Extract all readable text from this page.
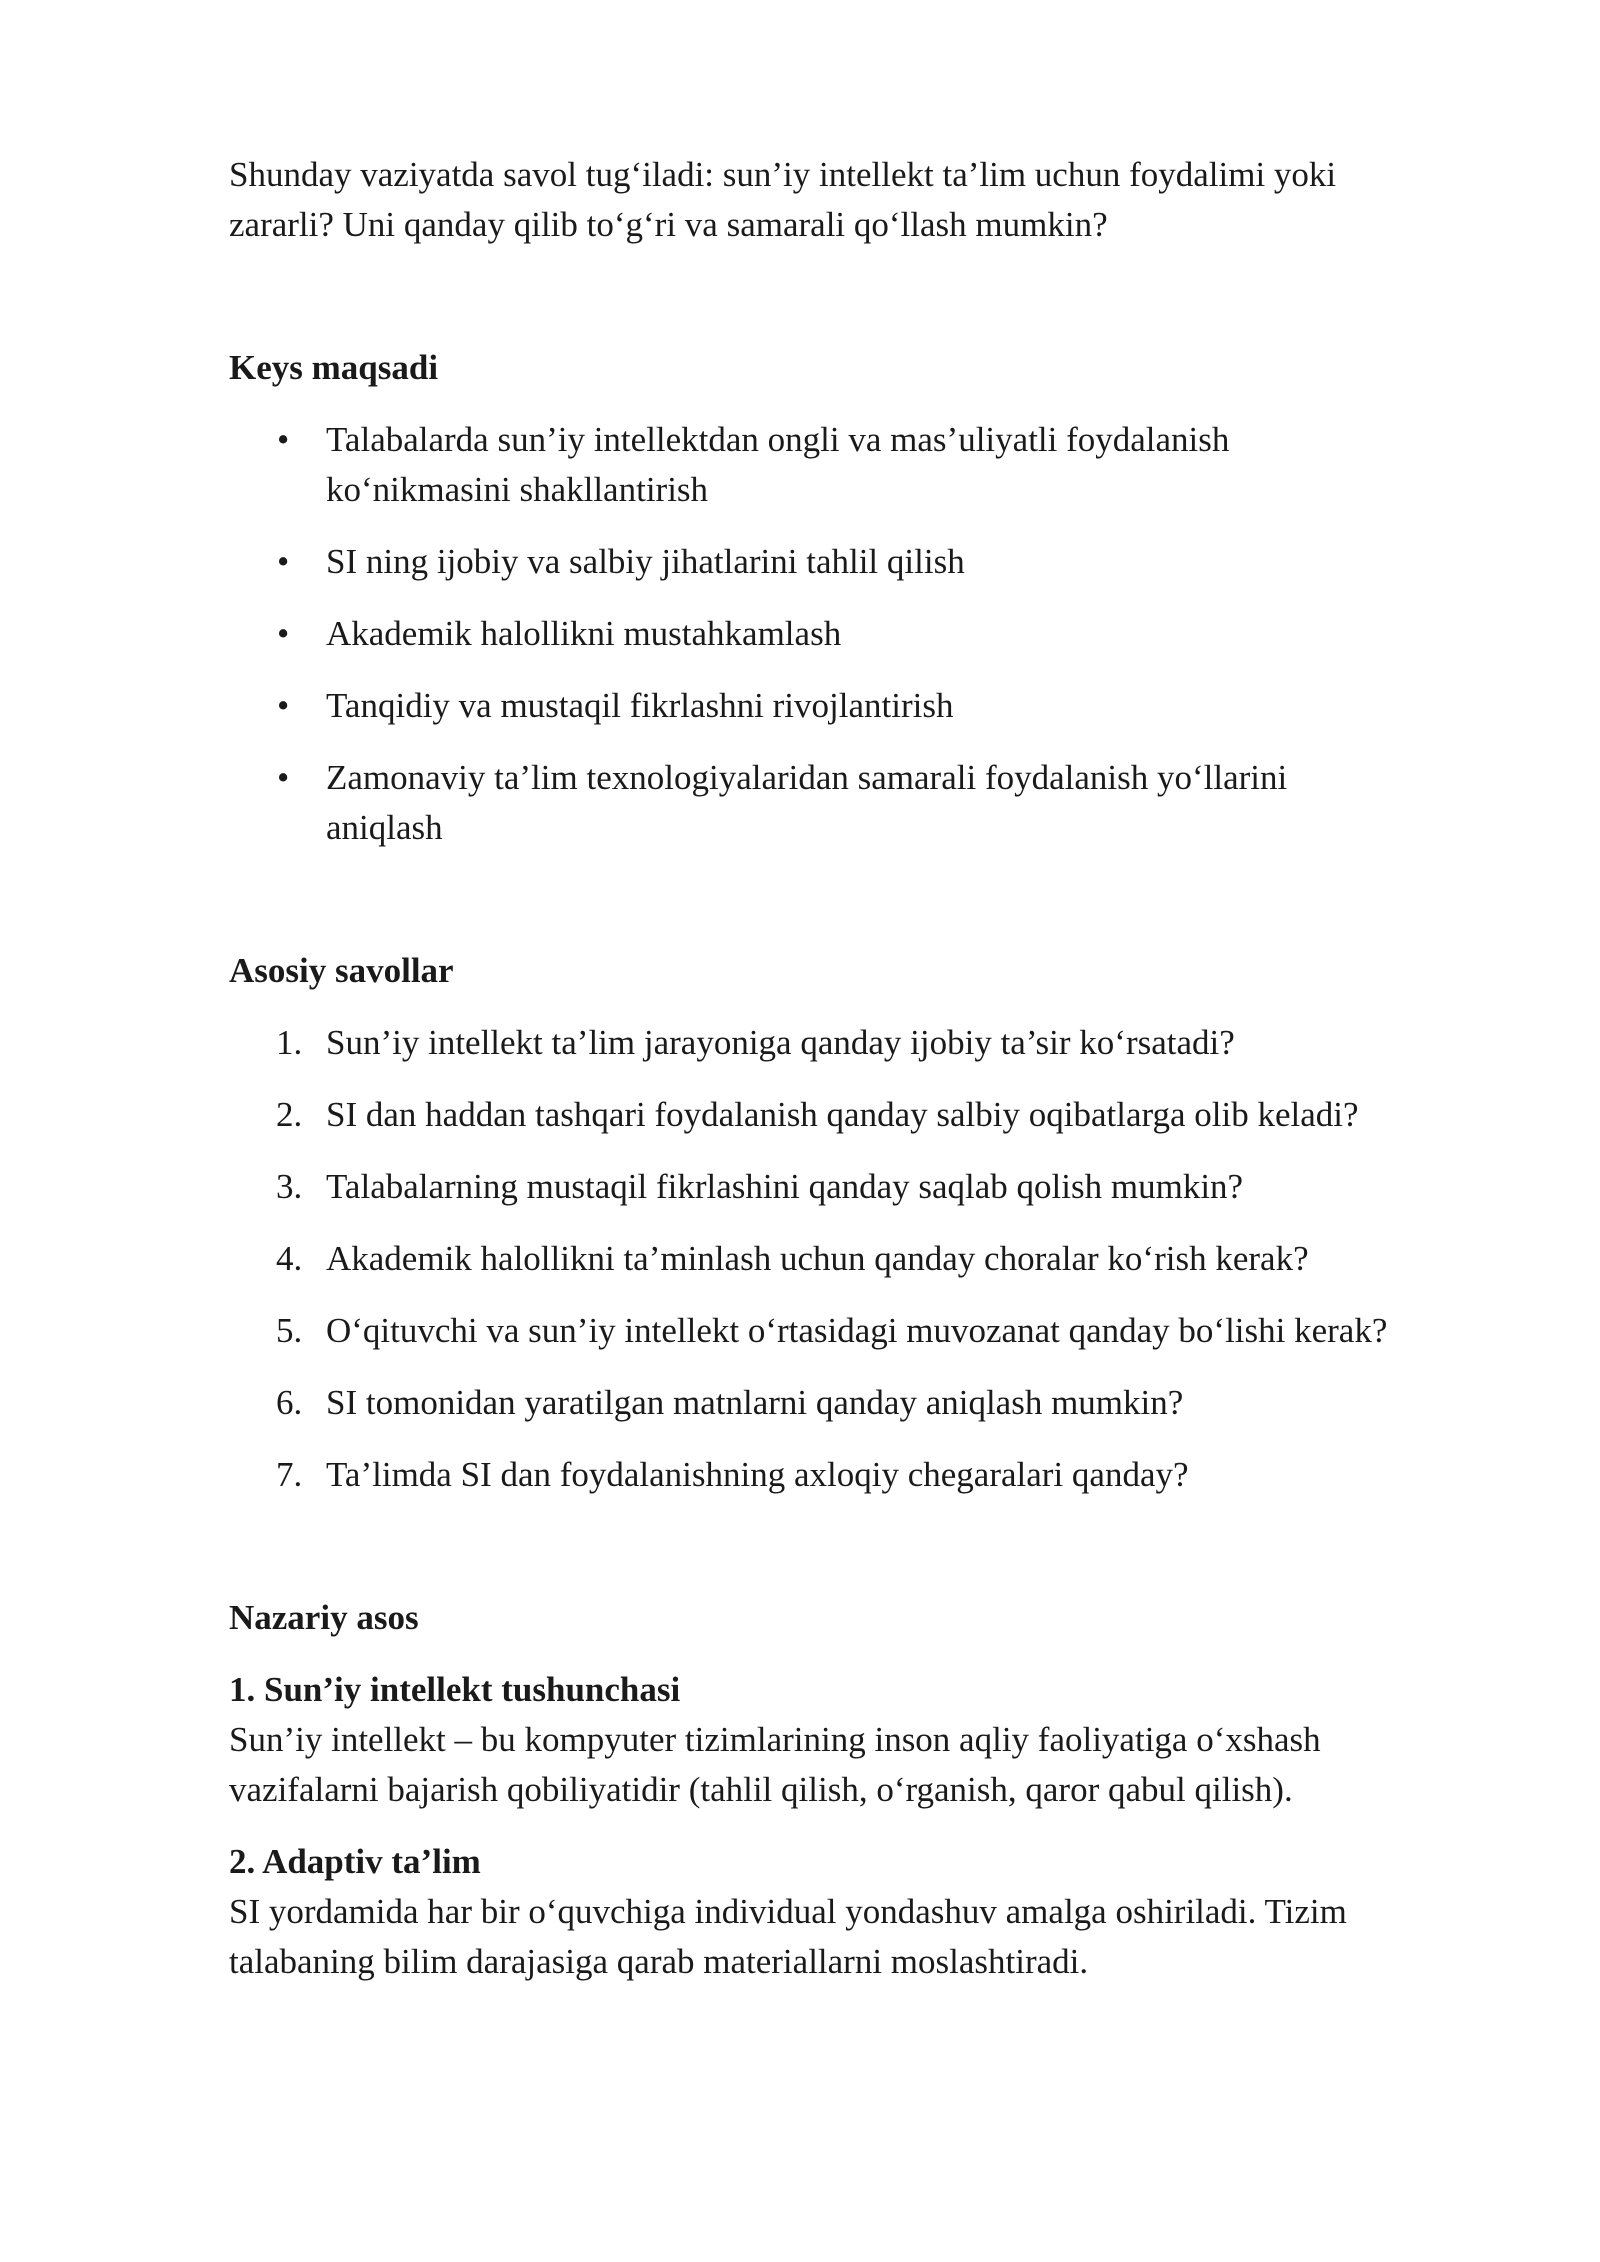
Shunday vaziyatda savol tug‘iladi: sun’iy intellekt ta’lim uchun foydalimi yoki
zararli? Uni qanday qilib to‘g‘ri va samarali qo‘llash mumkin?
Keys maqsadi
• Talabalarda sun’iy intellektdan ongli va mas’uliyatli foydalanish
ko‘nikmasini shakllantirish
• SI ning ijobiy va salbiy jihatlarini tahlil qilish
• Akademik halollikni mustahkamlash
• Tanqidiy va mustaqil fikrlashni rivojlantirish
• Zamonaviy ta’lim texnologiyalaridan samarali foydalanish yo‘llarini
aniqlash
Asosiy savollar
1. Sun’iy intellekt ta’lim jarayoniga qanday ijobiy ta’sir ko‘rsatadi?
2. SI dan haddan tashqari foydalanish qanday salbiy oqibatlarga olib keladi?
3. Talabalarning mustaqil fikrlashini qanday saqlab qolish mumkin?
4. Akademik halollikni ta’minlash uchun qanday choralar ko‘rish kerak?
5. O‘qituvchi va sun’iy intellekt o‘rtasidagi muvozanat qanday bo‘lishi kerak?
6. SI tomonidan yaratilgan matnlarni qanday aniqlash mumkin?
7. Ta’limda SI dan foydalanishning axloqiy chegaralari qanday?
Nazariy asos
1. Sun’iy intellekt tushunchasi
Sun’iy intellekt – bu kompyuter tizimlarining inson aqliy faoliyatiga o‘xshash
vazifalarni bajarish qobiliyatidir (tahlil qilish, o‘rganish, qaror qabul qilish).
2. Adaptiv ta’lim
SI yordamida har bir o‘quvchiga individual yondashuv amalga oshiriladi. Tizim
talabaning bilim darajasiga qarab materiallarni moslashtiradi.
